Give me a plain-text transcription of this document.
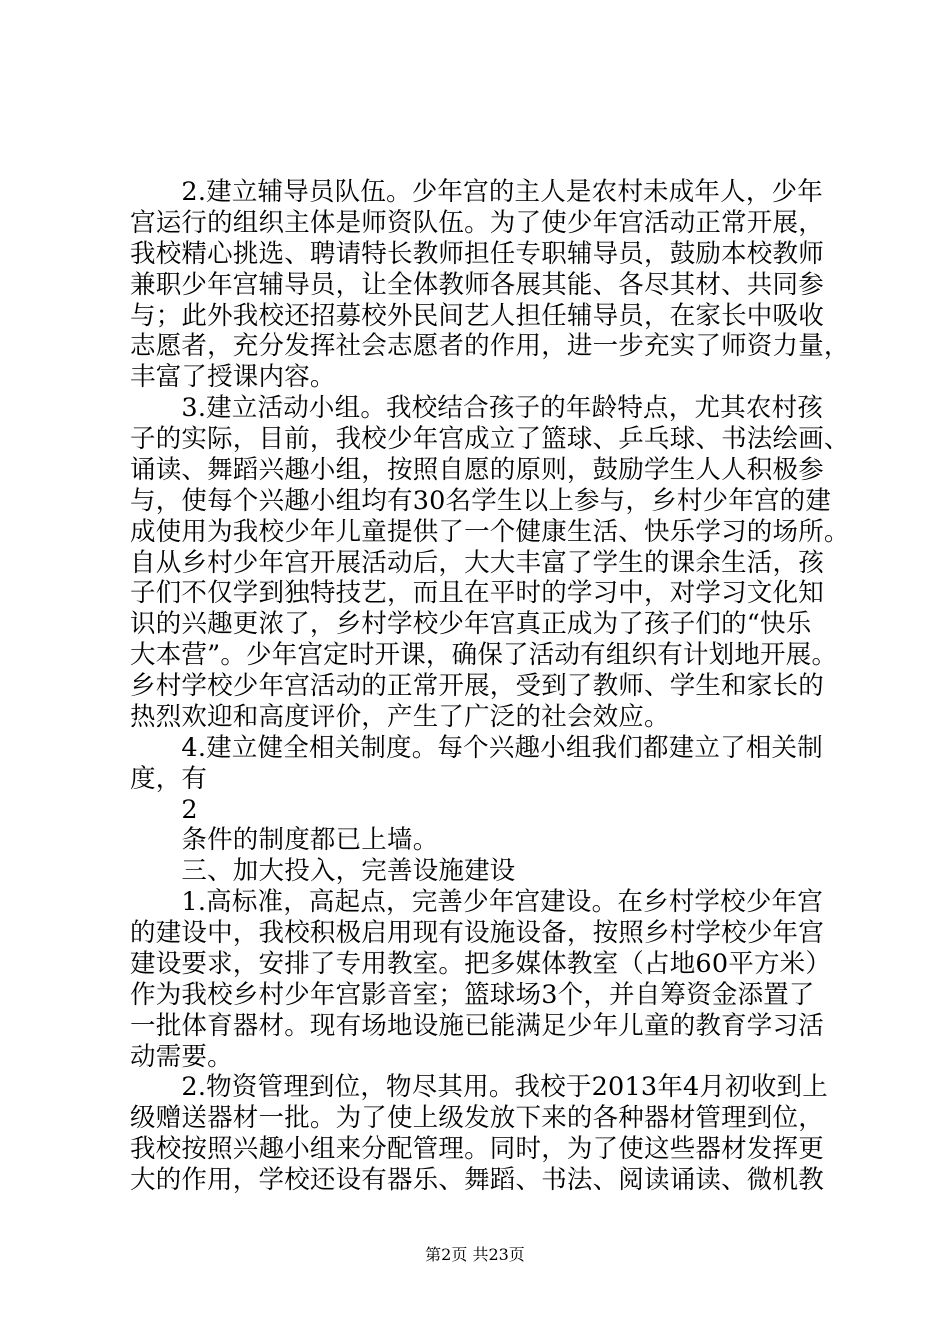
　　2.建立辅导员队伍。少年宫的主人是农村未成年人，少年
宫运行的组织主体是师资队伍。为了使少年宫活动正常开展，
我校精心挑选、聘请特长教师担任专职辅导员，鼓励本校教师
兼职少年宫辅导员，让全体教师各展其能、各尽其材、共同参
与；此外我校还招募校外民间艺人担任辅导员，在家长中吸收
志愿者，充分发挥社会志愿者的作用，进一步充实了师资力量，
丰富了授课内容。
　　3.建立活动小组。我校结合孩子的年龄特点，尤其农村孩
子的实际，目前，我校少年宫成立了篮球、乒乓球、书法绘画、
诵读、舞蹈兴趣小组，按照自愿的原则，鼓励学生人人积极参
与，使每个兴趣小组均有30名学生以上参与，乡村少年宫的建
成使用为我校少年儿童提供了一个健康生活、快乐学习的场所。
自从乡村少年宫开展活动后，大大丰富了学生的课余生活，孩
子们不仅学到独特技艺，而且在平时的学习中，对学习文化知
识的兴趣更浓了，乡村学校少年宫真正成为了孩子们的“快乐
大本营”。少年宫定时开课，确保了活动有组织有计划地开展。
乡村学校少年宫活动的正常开展，受到了教师、学生和家长的
热烈欢迎和高度评价，产生了广泛的社会效应。
　　4.建立健全相关制度。每个兴趣小组我们都建立了相关制
度，有
　　2
　　条件的制度都已上墙。
　　三、加大投入，完善设施建设
　　1.高标准，高起点，完善少年宫建设。在乡村学校少年宫
的建设中，我校积极启用现有设施设备，按照乡村学校少年宫
建设要求，安排了专用教室。把多媒体教室（占地60平方米）
作为我校乡村少年宫影音室；篮球场3个，并自筹资金添置了
一批体育器材。现有场地设施已能满足少年儿童的教育学习活
动需要。
　　2.物资管理到位，物尽其用。我校于2013年4月初收到上
级赠送器材一批。为了使上级发放下来的各种器材管理到位，
我校按照兴趣小组来分配管理。同时，为了使这些器材发挥更
大的作用，学校还设有器乐、舞蹈、书法、阅读诵读、微机教
第2页 共23页
